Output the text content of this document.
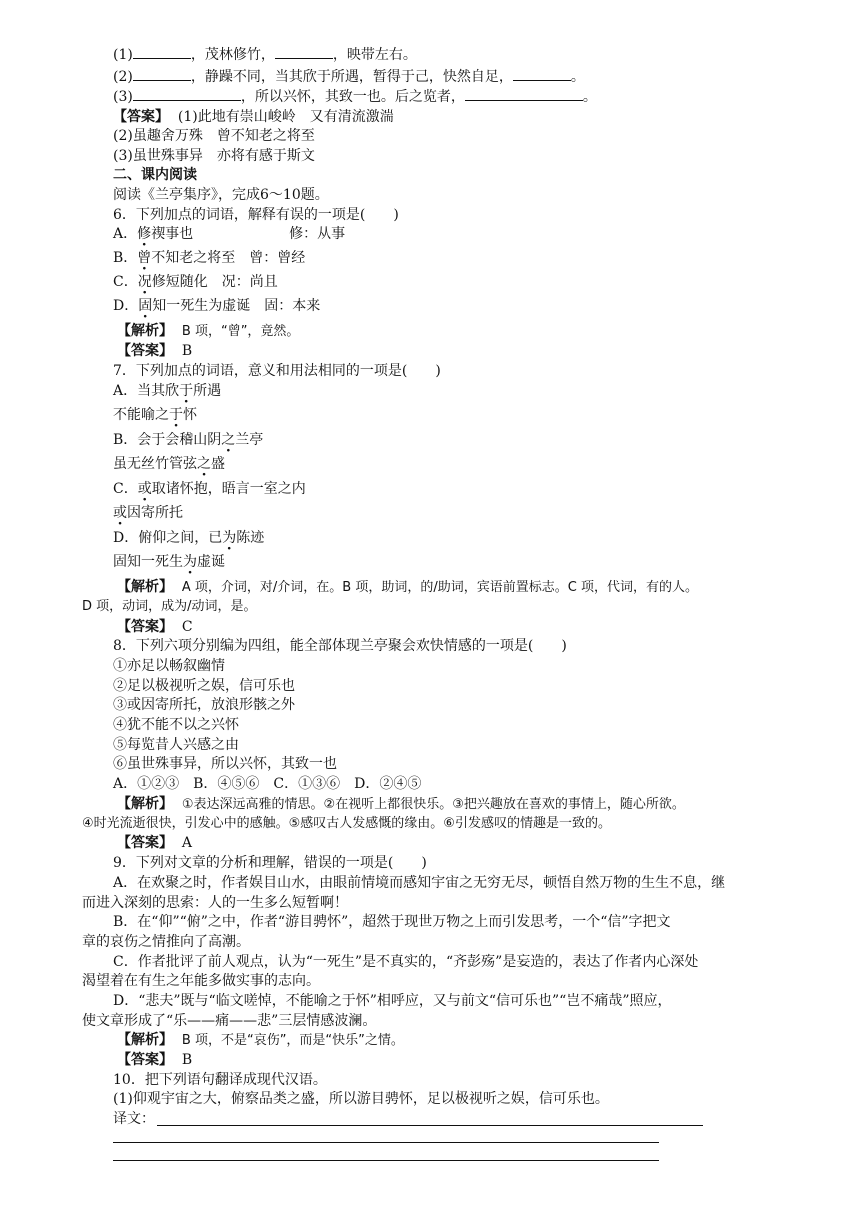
(1)	，茂林修竹，	，映带左右。
(2)	，静躁不同，当其欣于所遇，暂得于己，快然自足，	。
(3)	，所以兴怀，其致一也。后之览者，	。
【答案】 (1)此地有崇山峻岭　又有清流激湍
(2)虽趣舍万殊　曾不知老之将至
(3)虽世殊事异　亦将有感于斯文
二、课内阅读
阅读《兰亭集序》，完成6～10题。
6．下列加点的词语，解释有误的一项是(　　)
A．修禊事也	修：从事
B．曾不知老之将至　曾：曾经
C．况修短随化　况：尚且
D．固知一死生为虚诞　固：本来
【解析】 B 项，“曾”，竟然。
【答案】 B
7．下列加点的词语，意义和用法相同的一项是(　　)
A．当其欣于所遇
不能喻之于怀
B．会于会稽山阴之兰亭
虽无丝竹管弦之盛
C．或取诸怀抱，晤言一室之内
或因寄所托
D．俯仰之间，已为陈迹
固知一死生为虚诞
【解析】 A 项，介词，对/介词，在。B 项，助词，的/助词，宾语前置标志。C 项，代词，有的人。
D 项，动词，成为/动词，是。
【答案】 C
8．下列六项分别编为四组，能全部体现兰亭聚会欢快情感的一项是(　　)
①亦足以畅叙幽情
②足以极视听之娱，信可乐也
③或因寄所托，放浪形骸之外
④犹不能不以之兴怀
⑤每览昔人兴感之由
⑥虽世殊事异，所以兴怀，其致一也
A．①②③　B．④⑤⑥　C．①③⑥　D．②④⑤
【解析】 ①表达深远高雅的情思。②在视听上都很快乐。③把兴趣放在喜欢的事情上，随心所欲。
④时光流逝很快，引发心中的感触。⑤感叹古人发感慨的缘由。⑥引发感叹的情趣是一致的。
【答案】 A
9．下列对文章的分析和理解，错误的一项是(　　)
A．在欢聚之时，作者娱目山水，由眼前情境而感知宇宙之无穷无尽，顿悟自然万物的生生不息，继
而进入深刻的思索：人的一生多么短暂啊！
B．在“仰”“俯”之中，作者“游目骋怀”，超然于现世万物之上而引发思考，一个“信”字把文
章的哀伤之情推向了高潮。
C．作者批评了前人观点，认为“一死生”是不真实的，“齐彭殇”是妄造的，表达了作者内心深处
渴望着在有生之年能多做实事的志向。
D．“悲夫”既与“临文嗟悼，不能喻之于怀”相呼应，又与前文“信可乐也”“岂不痛哉”照应，
使文章形成了“乐——痛——悲”三层情感波澜。
【解析】 B 项，不是“哀伤”，而是“快乐”之情。
【答案】 B
10．把下列语句翻译成现代汉语。
(1)仰观宇宙之大，俯察品类之盛，所以游目骋怀，足以极视听之娱，信可乐也。
译文：
